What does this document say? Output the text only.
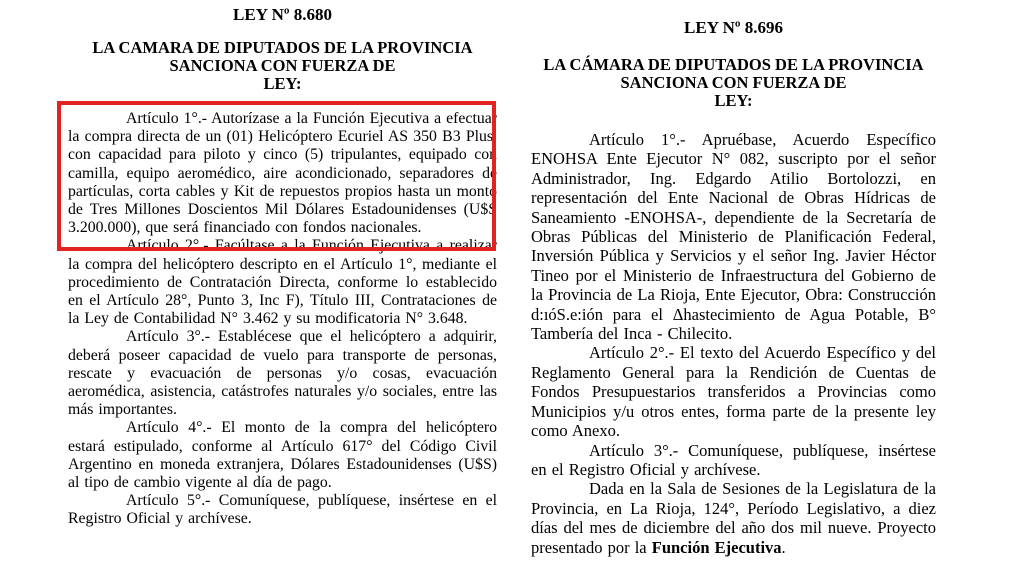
LEY Nº 8.680
LA CAMARA DE DIPUTADOS DE LA PROVINCIA
SANCIONA CON FUERZA DE
LEY:

Artículo 1°.- Autorízase a la Función Ejecutiva a efectuar la compra directa de un (01) Helicóptero Ecuriel AS 350 B3 Plus, con capacidad para piloto y cinco (5) tripulantes, equipado con camilla, equipo aeromédico, aire acondicionado, separadores de partículas, corta cables y Kit de repuestos propios hasta un monto de Tres Millones Doscientos Mil Dólares Estadounidenses (U$S 3.200.000), que será financiado con fondos nacionales.

Artículo 2°.- Facúltase a la Función Ejecutiva a realizar la compra del helicóptero descripto en el Artículo 1°, mediante el procedimiento de Contratación Directa, conforme lo establecido en el Artículo 28°, Punto 3, Inc F), Título III, Contrataciones de la Ley de Contabilidad N° 3.462 y su modificatoria N° 3.648.

Artículo 3°.- Establécese que el helicóptero a adquirir, deberá poseer capacidad de vuelo para transporte de personas, rescate y evacuación de personas y/o cosas, evacuación aeromédica, asistencia, catástrofes naturales y/o sociales, entre las más importantes.

Artículo 4°.- El monto de la compra del helicóptero estará estipulado, conforme al Artículo 617° del Código Civil Argentino en moneda extranjera, Dólares Estadounidenses (U$S) al tipo de cambio vigente al día de pago.

Artículo 5°.- Comuníquese, publíquese, insértese en el Registro Oficial y archívese.

LEY Nº 8.696
LA CÁMARA DE DIPUTADOS DE LA PROVINCIA
SANCIONA CON FUERZA DE
LEY:

Artículo 1°.- Apruébase, Acuerdo Específico ENOHSA Ente Ejecutor N° 082, suscripto por el señor Administrador, Ing. Edgardo Atilio Bortolozzi, en representación del Ente Nacional de Obras Hídricas de Saneamiento -ENOHSA-, dependiente de la Secretaría de Obras Públicas del Ministerio de Planificación Federal, Inversión Pública y Servicios y el señor Ing. Javier Héctor Tineo por el Ministerio de Infraestructura del Gobierno de la Provincia de La Rioja, Ente Ejecutor, Obra: Construcción d:ıóS.e:ión para el Δhastecimiento de Agua Potable, B° Tambería del Inca - Chilecito.

Artículo 2°.- El texto del Acuerdo Específico y del Reglamento General para la Rendición de Cuentas de Fondos Presupuestarios transferidos a Provincias como Municipios y/u otros entes, forma parte de la presente ley como Anexo.

Artículo 3°.- Comuníquese, publíquese, insértese en el Registro Oficial y archívese.

Dada en la Sala de Sesiones de la Legislatura de la Provincia, en La Rioja, 124°, Período Legislativo, a diez días del mes de diciembre del año dos mil nueve. Proyecto presentado por la Función Ejecutiva.
